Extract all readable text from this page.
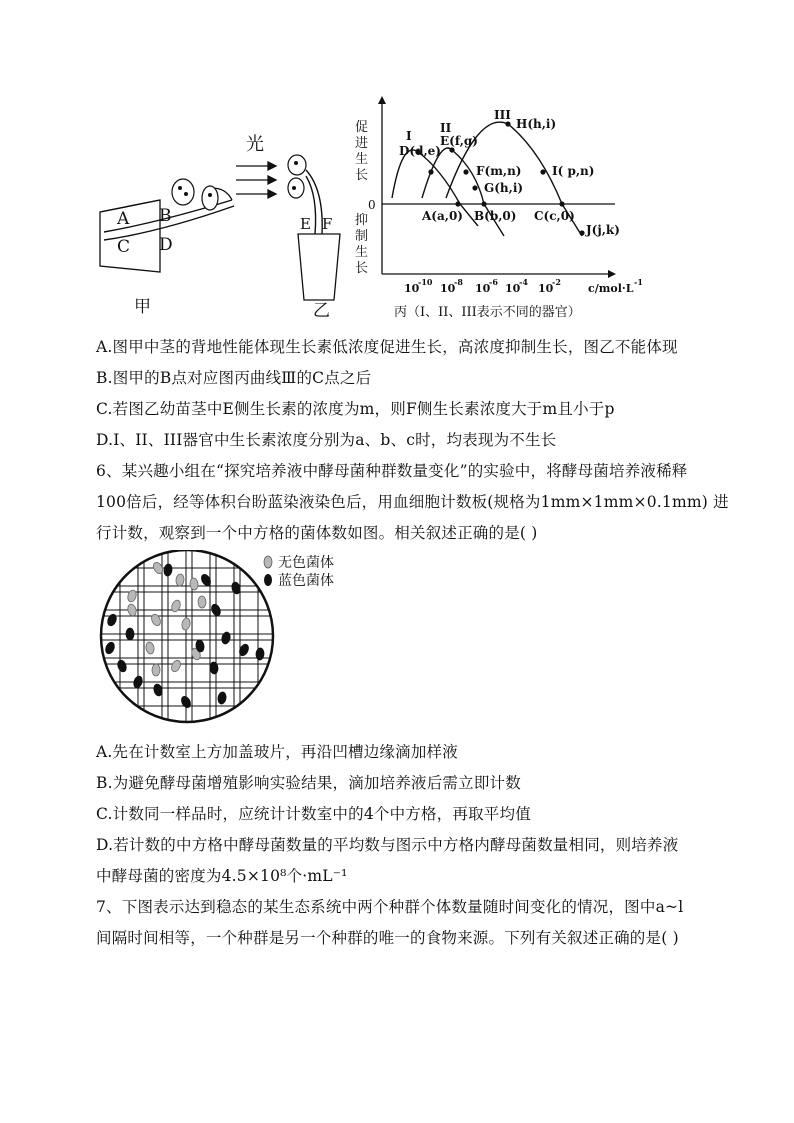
A B
C D
甲
光
E F
乙
促
进
生
长
0
抑
制
生
长
I
II
III
D(d,e)
E(f,g)
H(h,i)
F(m,n)
G(h,i)
I( p,n)
A(a,0) B(b,0) C(c,0)
J(j,k)
10
-10 10
-8 10
-6 10
-4 10
-2 c/mol·L -1
丙（I、II、III表示不同的器官）
A.图甲中茎的背地性能体现生长素低浓度促进生长，高浓度抑制生长，图乙不能体现
B.图甲的B点对应图丙曲线Ⅲ的C点之后
C.若图乙幼苗茎中E侧生长素的浓度为m，则F侧生长素浓度大于m且小于p
D.I、II、III器官中生长素浓度分别为a、b、c时，均表现为不生长
6、某兴趣小组在“探究培养液中酵母菌种群数量变化”的实验中，将酵母菌培养液稀释
100倍后，经等体积台盼蓝染液染色后，用血细胞计数板(规格为1mm×1mm×0.1mm) 进
行计数，观察到一个中方格的菌体数如图。相关叙述正确的是( )
无色菌体
蓝色菌体
A.先在计数室上方加盖玻片，再沿凹槽边缘滴加样液
B.为避免酵母菌增殖影响实验结果，滴加培养液后需立即计数
C.计数同一样品时，应统计计数室中的4个中方格，再取平均值
D.若计数的中方格中酵母菌数量的平均数与图示中方格内酵母菌数量相同，则培养液
中酵母菌的密度为4.5×10⁸个·mL⁻¹
7、下图表示达到稳态的某生态系统中两个种群个体数量随时间变化的情况，图中a~l
间隔时间相等，一个种群是另一个种群的唯一的食物来源。下列有关叙述正确的是( )
